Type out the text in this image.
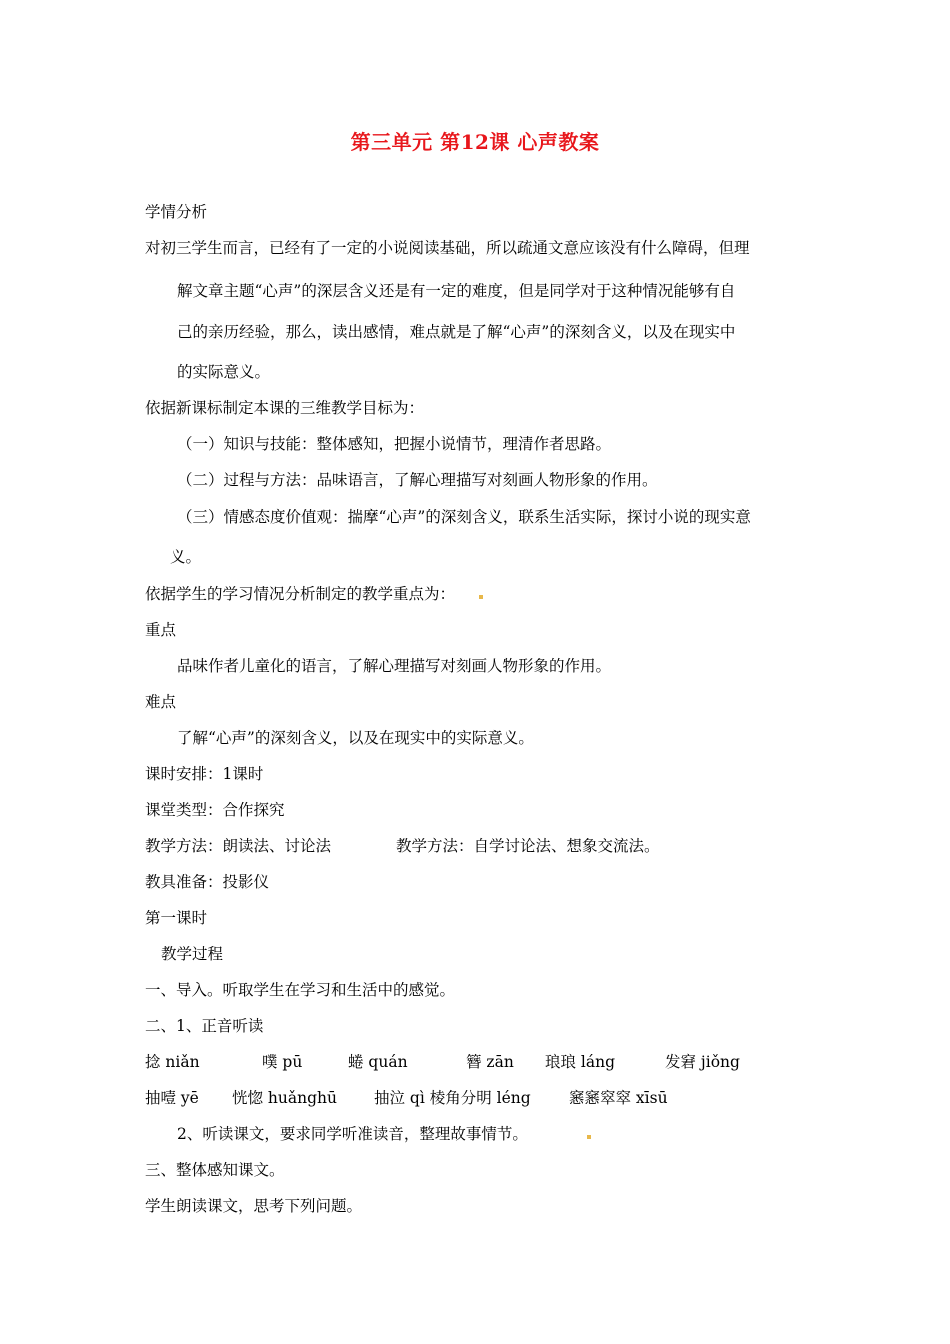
第三单元 第12课 心声教案
学情分析
对初三学生而言，已经有了一定的小说阅读基础，所以疏通文意应该没有什么障碍，但理
解文章主题“心声”的深层含义还是有一定的难度，但是同学对于这种情况能够有自
己的亲历经验，那么，读出感情，难点就是了解“心声”的深刻含义，以及在现实中
的实际意义。
依据新课标制定本课的三维教学目标为：
（一）知识与技能：整体感知，把握小说情节，理清作者思路。
（二）过程与方法：品味语言，了解心理描写对刻画人物形象的作用。
（三）情感态度价值观：揣摩“心声”的深刻含义，联系生活实际，探讨小说的现实意
义。
依据学生的学习情况分析制定的教学重点为：
重点
品味作者儿童化的语言，了解心理描写对刻画人物形象的作用。
难点
了解“心声”的深刻含义，以及在现实中的实际意义。
课时安排：1课时
课堂类型：合作探究
教学方法：朗读法、讨论法	教学方法：自学讨论法、想象交流法。
教具准备：投影仪
第一课时
教学过程
一、导入。听取学生在学习和生活中的感觉。
二、1、正音听读
捻 niǎn	噗 pū	蜷 quán	簪 zān 琅琅 láng	发窘 jiǒng
抽噎 yē 恍惚 huǎnghū 抽泣 qì 棱角分明 léng 窸窸窣窣 xīsū
2、听读课文，要求同学听准读音，整理故事情节。
三、整体感知课文。
学生朗读课文，思考下列问题。
